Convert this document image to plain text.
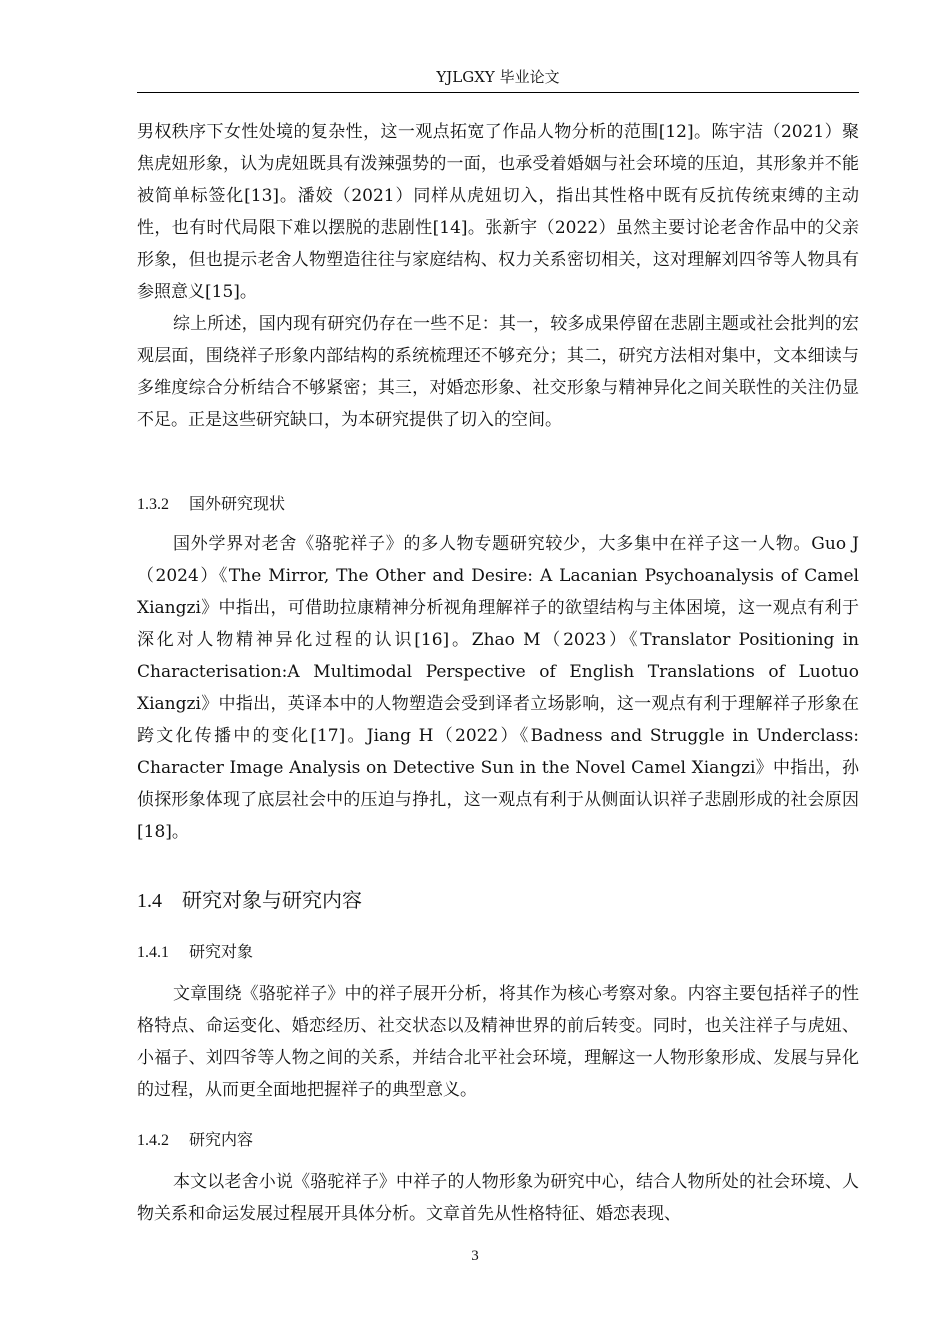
YJLGXY 毕业论文

男权秩序下女性处境的复杂性，这一观点拓宽了作品人物分析的范围[12]。陈宇洁（2021）聚焦虎妞形象，认为虎妞既具有泼辣强势的一面，也承受着婚姻与社会环境的压迫，其形象并不能被简单标签化[13]。潘姣（2021）同样从虎妞切入，指出其性格中既有反抗传统束缚的主动性，也有时代局限下难以摆脱的悲剧性[14]。张新宇（2022）虽然主要讨论老舍作品中的父亲形象，但也提示老舍人物塑造往往与家庭结构、权力关系密切相关，这对理解刘四爷等人物具有参照意义[15]。

综上所述，国内现有研究仍存在一些不足：其一，较多成果停留在悲剧主题或社会批判的宏观层面，围绕祥子形象内部结构的系统梳理还不够充分；其二，研究方法相对集中，文本细读与多维度综合分析结合不够紧密；其三，对婚恋形象、社交形象与精神异化之间关联性的关注仍显不足。正是这些研究缺口，为本研究提供了切入的空间。

1.3.2 国外研究现状

国外学界对老舍《骆驼祥子》的多人物专题研究较少，大多集中在祥子这一人物。Guo J（2024）《The Mirror, The Other and Desire: A Lacanian Psychoanalysis of Camel Xiangzi》中指出，可借助拉康精神分析视角理解祥子的欲望结构与主体困境，这一观点有利于深化对人物精神异化过程的认识[16]。Zhao M（2023）《Translator Positioning in Characterisation:A Multimodal Perspective of English Translations of Luotuo Xiangzi》中指出，英译本中的人物塑造会受到译者立场影响，这一观点有利于理解祥子形象在跨文化传播中的变化[17]。Jiang H（2022）《Badness and Struggle in Underclass: Character Image Analysis on Detective Sun in the Novel Camel Xiangzi》中指出，孙侦探形象体现了底层社会中的压迫与挣扎，这一观点有利于从侧面认识祥子悲剧形成的社会原因[18]。

1.4 研究对象与研究内容
1.4.1 研究对象

文章围绕《骆驼祥子》中的祥子展开分析，将其作为核心考察对象。内容主要包括祥子的性格特点、命运变化、婚恋经历、社交状态以及精神世界的前后转变。同时，也关注祥子与虎妞、小福子、刘四爷等人物之间的关系，并结合北平社会环境，理解这一人物形象形成、发展与异化的过程，从而更全面地把握祥子的典型意义。

1.4.2 研究内容

本文以老舍小说《骆驼祥子》中祥子的人物形象为研究中心，结合人物所处的社会环境、人物关系和命运发展过程展开具体分析。文章首先从性格特征、婚恋表现、

3
